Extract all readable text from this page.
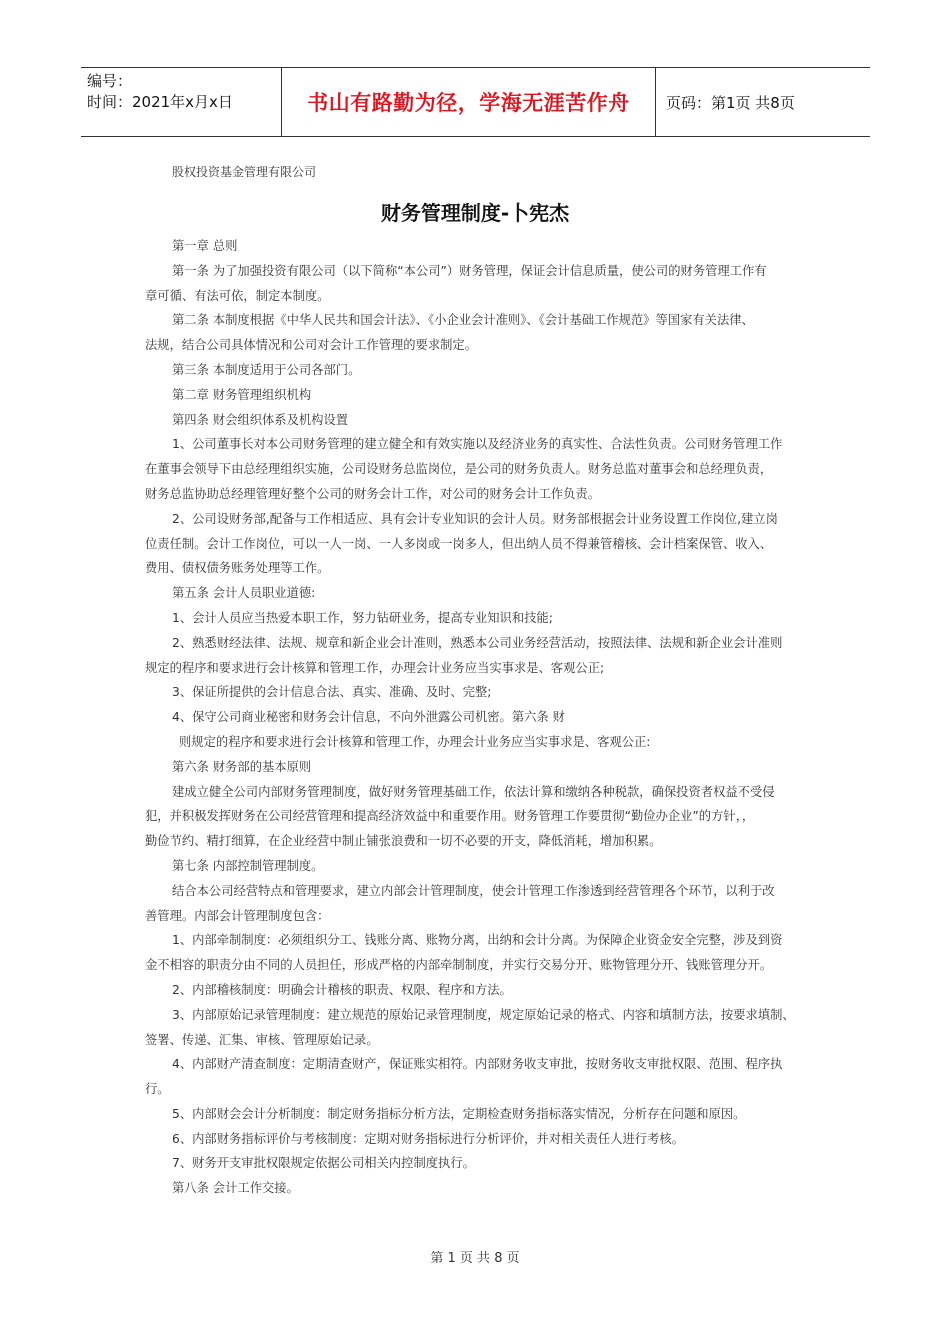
编号：
时间：2021年x月x日	书山有路勤为径，学海无涯苦作舟	页码：第1页 共8页
股权投资基金管理有限公司
财务管理制度-卜宪杰

第一章 总则

第一条 为了加强投资有限公司（以下简称“本公司”）财务管理，保证会计信息质量，使公司的财务管理工作有

章可循、有法可依，制定本制度。

第二条 本制度根据《中华人民共和国会计法》、《小企业会计准则》、《会计基础工作规范》等国家有关法律、

法规，结合公司具体情况和公司对会计工作管理的要求制定。

第三条 本制度适用于公司各部门。

第二章 财务管理组织机构

第四条 财会组织体系及机构设置

1、公司董事长对本公司财务管理的建立健全和有效实施以及经济业务的真实性、合法性负责。公司财务管理工作

在董事会领导下由总经理组织实施，公司设财务总监岗位，是公司的财务负责人。财务总监对董事会和总经理负责，

财务总监协助总经理管理好整个公司的财务会计工作，对公司的财务会计工作负责。

2、公司设财务部,配备与工作相适应、具有会计专业知识的会计人员。财务部根据会计业务设置工作岗位,建立岗

位责任制。会计工作岗位，可以一人一岗、一人多岗或一岗多人，但出纳人员不得兼管稽核、会计档案保管、收入、

费用、债权债务账务处理等工作。

第五条 会计人员职业道德:

1、会计人员应当热爱本职工作，努力钻研业务，提高专业知识和技能;

2、熟悉财经法律、法规、规章和新企业会计准则，熟悉本公司业务经营活动，按照法律、法规和新企业会计准则

规定的程序和要求进行会计核算和管理工作，办理会计业务应当实事求是、客观公正;

3、保证所提供的会计信息合法、真实、准确、及时、完整;

4、保守公司商业秘密和财务会计信息，不向外泄露公司机密。第六条 财

则规定的程序和要求进行会计核算和管理工作，办理会计业务应当实事求是、客观公正:

第六条 财务部的基本原则

建成立健全公司内部财务管理制度，做好财务管理基础工作，依法计算和缴纳各种税款，确保投资者权益不受侵

犯，并积极发挥财务在公司经营管理和提高经济效益中和重要作用。财务管理工作要贯彻“勤俭办企业”的方针，，

勤俭节约、精打细算，在企业经营中制止铺张浪费和一切不必要的开支，降低消耗，增加积累。

第七条 内部控制管理制度。

结合本公司经营特点和管理要求，建立内部会计管理制度，使会计管理工作渗透到经营管理各个环节，以利于改

善管理。内部会计管理制度包含：

1、内部牵制制度：必须组织分工、钱账分离、账物分离，出纳和会计分离。为保障企业资金安全完整，涉及到资

金不相容的职责分由不同的人员担任，形成严格的内部牵制制度，并实行交易分开、账物管理分开、钱账管理分开。

2、内部稽核制度：明确会计稽核的职责、权限、程序和方法。

3、内部原始记录管理制度：建立规范的原始记录管理制度，规定原始记录的格式、内容和填制方法，按要求填制、

签署、传递、汇集、审核、管理原始记录。

4、内部财产清查制度：定期清查财产，保证账实相符。内部财务收支审批，按财务收支审批权限、范围、程序执

行。

5、内部财会会计分析制度：制定财务指标分析方法，定期检查财务指标落实情况，分析存在问题和原因。

6、内部财务指标评价与考核制度：定期对财务指标进行分析评价，并对相关责任人进行考核。

7、财务开支审批权限规定依据公司相关内控制度执行。

第八条 会计工作交接。

第 1 页 共 8 页
